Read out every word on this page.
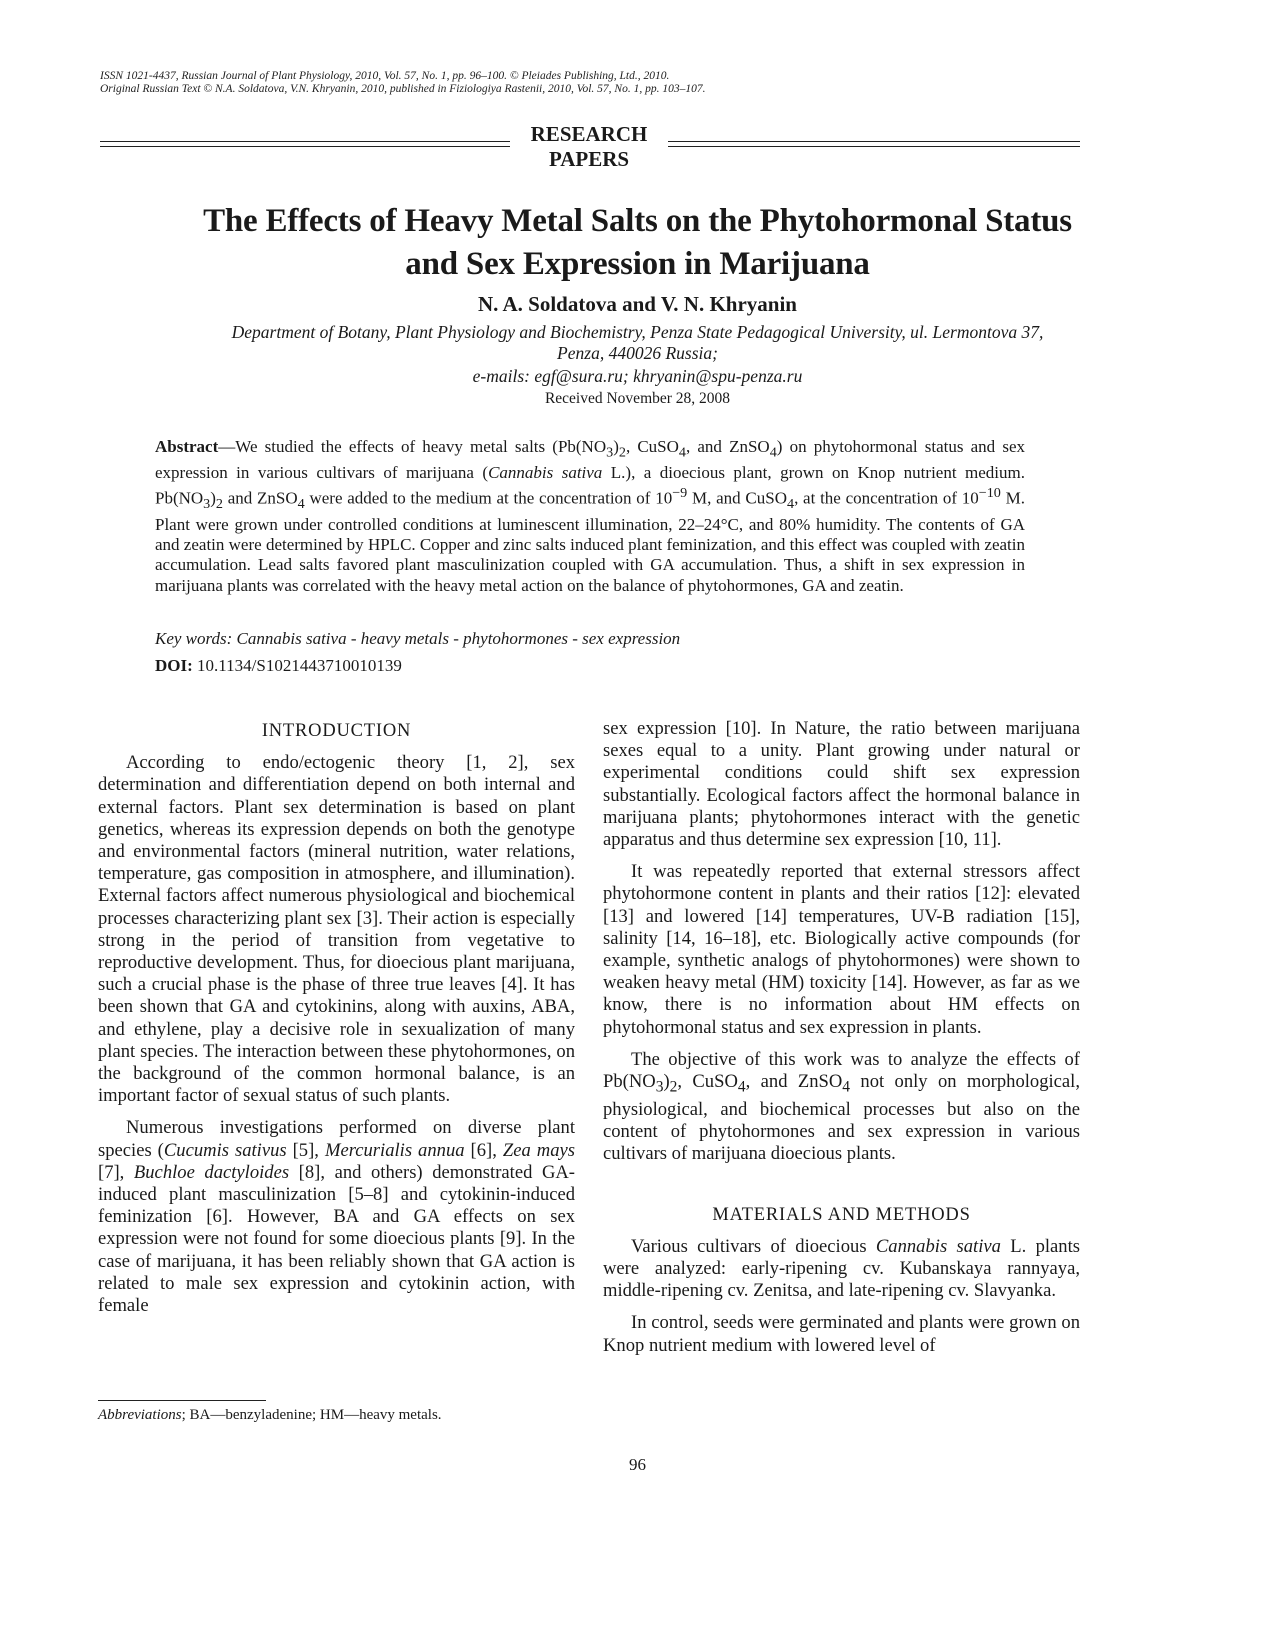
ISSN 1021-4437, Russian Journal of Plant Physiology, 2010, Vol. 57, No. 1, pp. 96–100. © Pleiades Publishing, Ltd., 2010.
Original Russian Text © N.A. Soldatova, V.N. Khryanin, 2010, published in Fiziologiya Rastenii, 2010, Vol. 57, No. 1, pp. 103–107.
RESEARCH
PAPERS
The Effects of Heavy Metal Salts on the Phytohormonal Status
and Sex Expression in Marijuana
N. A. Soldatova and V. N. Khryanin
Department of Botany, Plant Physiology and Biochemistry, Penza State Pedagogical University, ul. Lermontova 37,
Penza, 440026 Russia;
e-mails: egf@sura.ru; khryanin@spu-penza.ru
Received November 28, 2008
Abstract—We studied the effects of heavy metal salts ($Pb(NO_3)_2$, CuSO$_4$, and ZnSO$_4$) on phytohormonal status and sex expression in various cultivars of marijuana (Cannabis sativa L.), a dioecious plant, grown on Knop nutrient medium. $Pb(NO_3)_2$ and ZnSO$_4$ were added to the medium at the concentration of $10^{-9}$ M, and CuSO$_4$, at the concentration of $10^{-10}$ M. Plant were grown under controlled conditions at luminescent illumination, 22–24°C, and 80% humidity. The contents of GA and zeatin were determined by HPLC. Copper and zinc salts induced plant feminization, and this effect was coupled with zeatin accumulation. Lead salts favored plant masculinization coupled with GA accumulation. Thus, a shift in sex expression in marijuana plants was correlated with the heavy metal action on the balance of phytohormones, GA and zeatin.
Key words: Cannabis sativa - heavy metals - phytohormones - sex expression
DOI: 10.1134/S1021443710010139

INTRODUCTION

According to endo/ectogenic theory [1, 2], sex determination and differentiation depend on both internal and external factors. Plant sex determination is based on plant genetics, whereas its expression depends on both the genotype and environmental factors (mineral nutrition, water relations, temperature, gas composition in atmosphere, and illumination). External factors affect numerous physiological and biochemical processes characterizing plant sex [3]. Their action is especially strong in the period of transition from vegetative to reproductive development. Thus, for dioecious plant marijuana, such a crucial phase is the phase of three true leaves [4]. It has been shown that GA and cytokinins, along with auxins, ABA, and ethylene, play a decisive role in sexualization of many plant species. The interaction between these phytohormones, on the background of the common hormonal balance, is an important factor of sexual status of such plants.

Numerous investigations performed on diverse plant species (Cucumis sativus [5], Mercurialis annua [6], Zea mays [7], Buchloe dactyloides [8], and others) demonstrated GA-induced plant masculinization [5–8] and cytokinin-induced feminization [6]. However, BA and GA effects on sex expression were not found for some dioecious plants [9]. In the case of marijuana, it has been reliably shown that GA action is related to male sex expression and cytokinin action, with female

sex expression [10]. In Nature, the ratio between marijuana sexes equal to a unity. Plant growing under natural or experimental conditions could shift sex expression substantially. Ecological factors affect the hormonal balance in marijuana plants; phytohormones interact with the genetic apparatus and thus determine sex expression [10, 11].

It was repeatedly reported that external stressors affect phytohormone content in plants and their ratios [12]: elevated [13] and lowered [14] temperatures, UV-B radiation [15], salinity [14, 16–18], etc. Biologically active compounds (for example, synthetic analogs of phytohormones) were shown to weaken heavy metal (HM) toxicity [14]. However, as far as we know, there is no information about HM effects on phytohormonal status and sex expression in plants.

The objective of this work was to analyze the effects of $Pb(NO_3)_2$, CuSO$_4$, and ZnSO$_4$ not only on morphological, physiological, and biochemical processes but also on the content of phytohormones and sex expression in various cultivars of marijuana dioecious plants.

MATERIALS AND METHODS

Various cultivars of dioecious Cannabis sativa L. plants were analyzed: early-ripening cv. Kubanskaya rannyaya, middle-ripening cv. Zenitsa, and late-ripening cv. Slavyanka.

In control, seeds were germinated and plants were grown on Knop nutrient medium with lowered level of

Abbreviations; BA—benzyladenine; HM—heavy metals.
96
